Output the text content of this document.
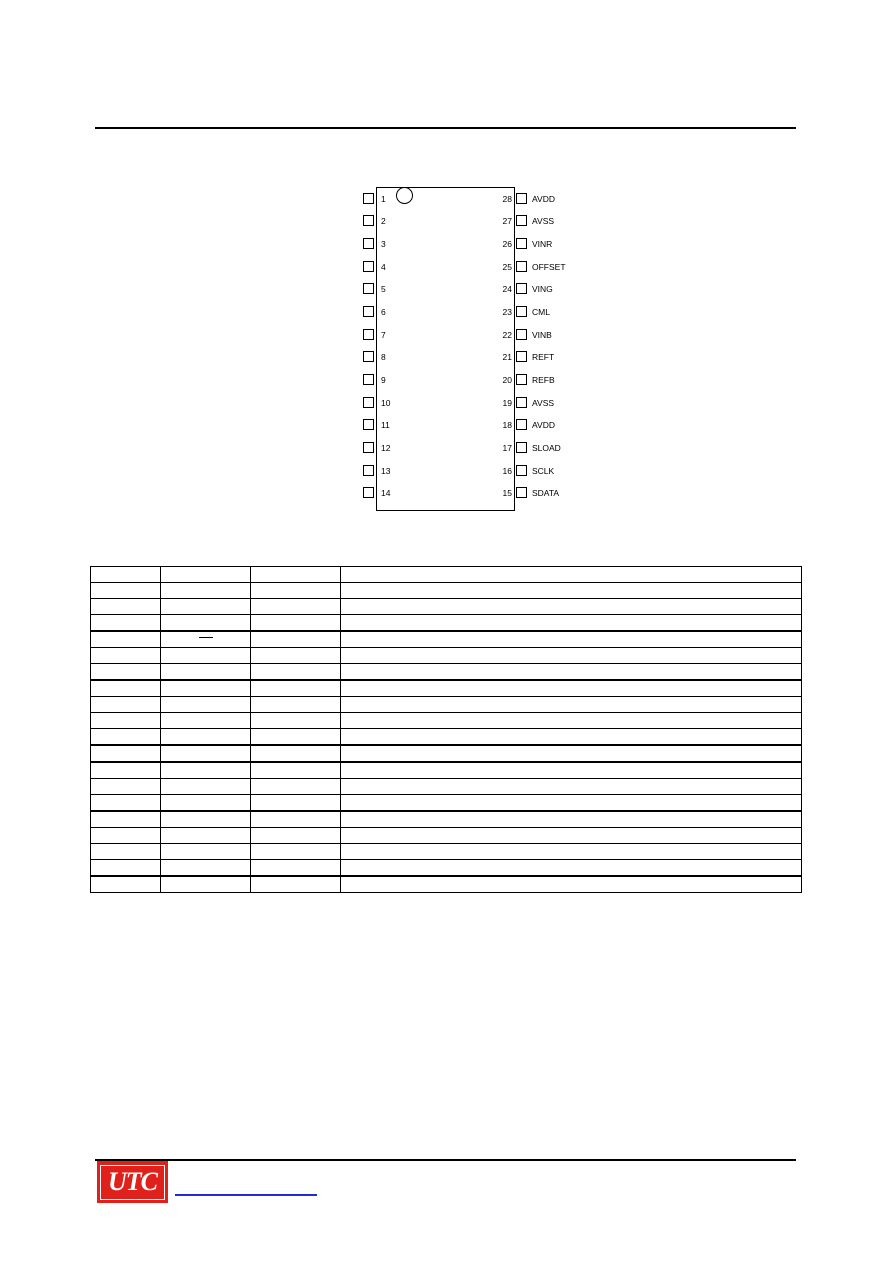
1
2
3
4
5
6
7
8
9
10
11
12
13
14
28 AVDD
27 AVSS
26 VINR
25 OFFSET
24 VING
23 CML
22 VINB
21 REFT
20 REFB
19 AVSS
18 AVDD
17 SLOAD
16 SCLK
15 SDATA

UTC
